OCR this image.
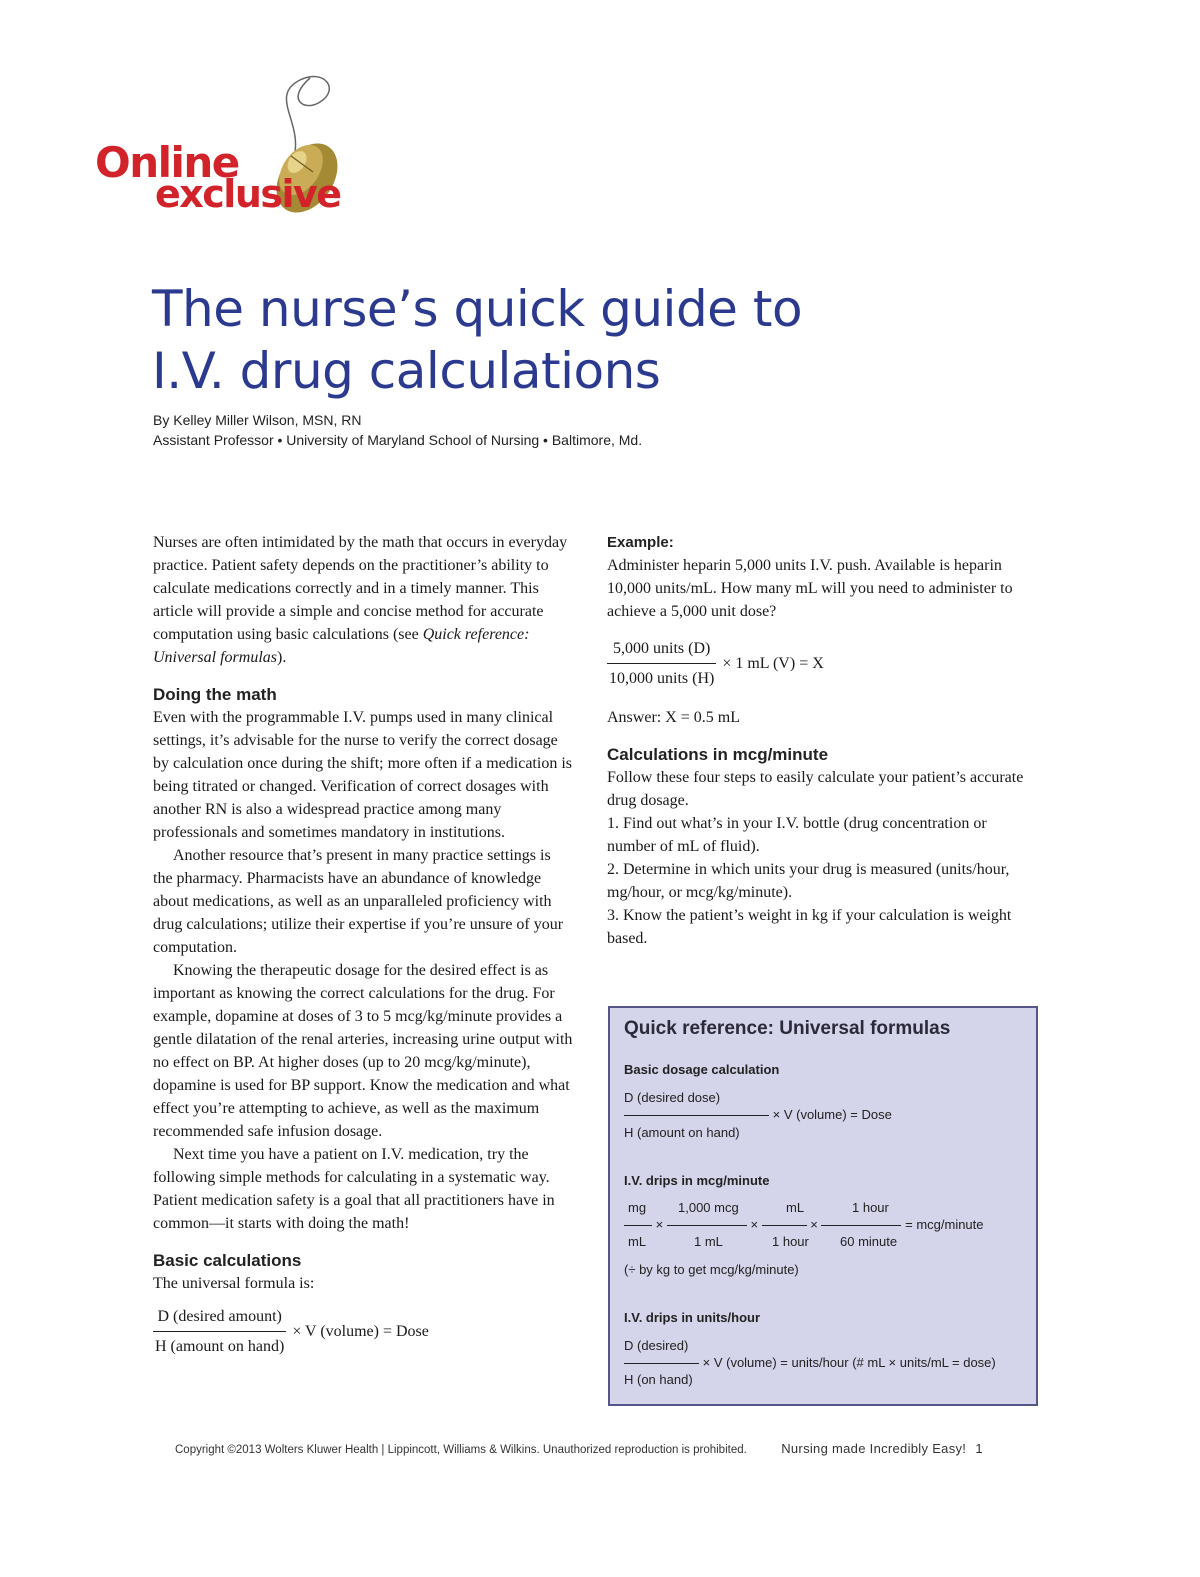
Online
exclusive
The nurse’s quick guide to
I.V. drug calculations
By Kelley Miller Wilson, MSN, RN
Assistant Professor • University of Maryland School of Nursing • Baltimore, Md.

Nurses are often intimidated by the math that occurs in everyday practice. Patient safety depends on the practitioner’s ability to calculate medications correctly and in a timely manner. This article will provide a simple and concise method for accurate computation using basic calculations (see Quick reference: Universal formulas).

Doing the math

Even with the programmable I.V. pumps used in many clinical settings, it’s advisable for the nurse to verify the correct dosage by calculation once during the shift; more often if a medication is being titrated or changed. Verification of correct dosages with another RN is also a widespread practice among many professionals and sometimes mandatory in institutions.

Another resource that’s present in many practice settings is the pharmacy. Pharmacists have an abundance of knowledge about medications, as well as an unparalleled proficiency with drug calculations; utilize their expertise if you’re unsure of your computation.

Knowing the therapeutic dosage for the desired effect is as important as knowing the correct calculations for the drug. For example, dopamine at doses of 3 to 5 mcg/kg/minute provides a gentle dilatation of the renal arteries, increasing urine output with no effect on BP. At higher doses (up to 20 mcg/kg/minute), dopamine is used for BP support. Know the medication and what effect you’re attempting to achieve, as well as the maximum recommended safe infusion dosage.

Next time you have a patient on I.V. medication, try the following simple methods for calculating in a systematic way. Patient medication safety is a goal that all practitioners have in common—it starts with doing the math!

Basic calculations

The universal formula is:

$\frac{\text{D (desired amount)}}{\text{H (amount on hand)}} \times V$ (volume) = Dose
Example:

Administer heparin 5,000 units I.V. push. Available is heparin 10,000 units/mL. How many mL will you need to administer to achieve a 5,000 unit dose?

$\frac{\text{5,000 units (D)}}{\text{10,000 units (H)}} \times 1$ mL (V) = X

Answer: X = 0.5 mL

Calculations in mcg/minute

Follow these four steps to easily calculate your patient’s accurate drug dosage.

1. Find out what’s in your I.V. bottle (drug concentration or number of mL of fluid).

2. Determine in which units your drug is measured (units/hour, mg/hour, or mcg/kg/minute).

3. Know the patient’s weight in kg if your calculation is weight based.

Quick reference: Universal formulas
Basic dosage calculation
D (desired dose)
× V (volume) = Dose
H (amount on hand)
I.V. drips in mcg/minute
mg 1,000 mcg	mL	1 hour
×	×	×	= mcg/minute
mL	1 mL	1 hour 60 minute
(÷ by kg to get mcg/kg/minute)
I.V. drips in units/hour
D (desired)
× V (volume) = units/hour (# mL × units/mL = dose)
H (on hand)
Copyright ©2013 Wolters Kluwer Health | Lippincott, Williams & Wilkins. Unauthorized reproduction is prohibited.	Nursing made Incredibly Easy! 1
